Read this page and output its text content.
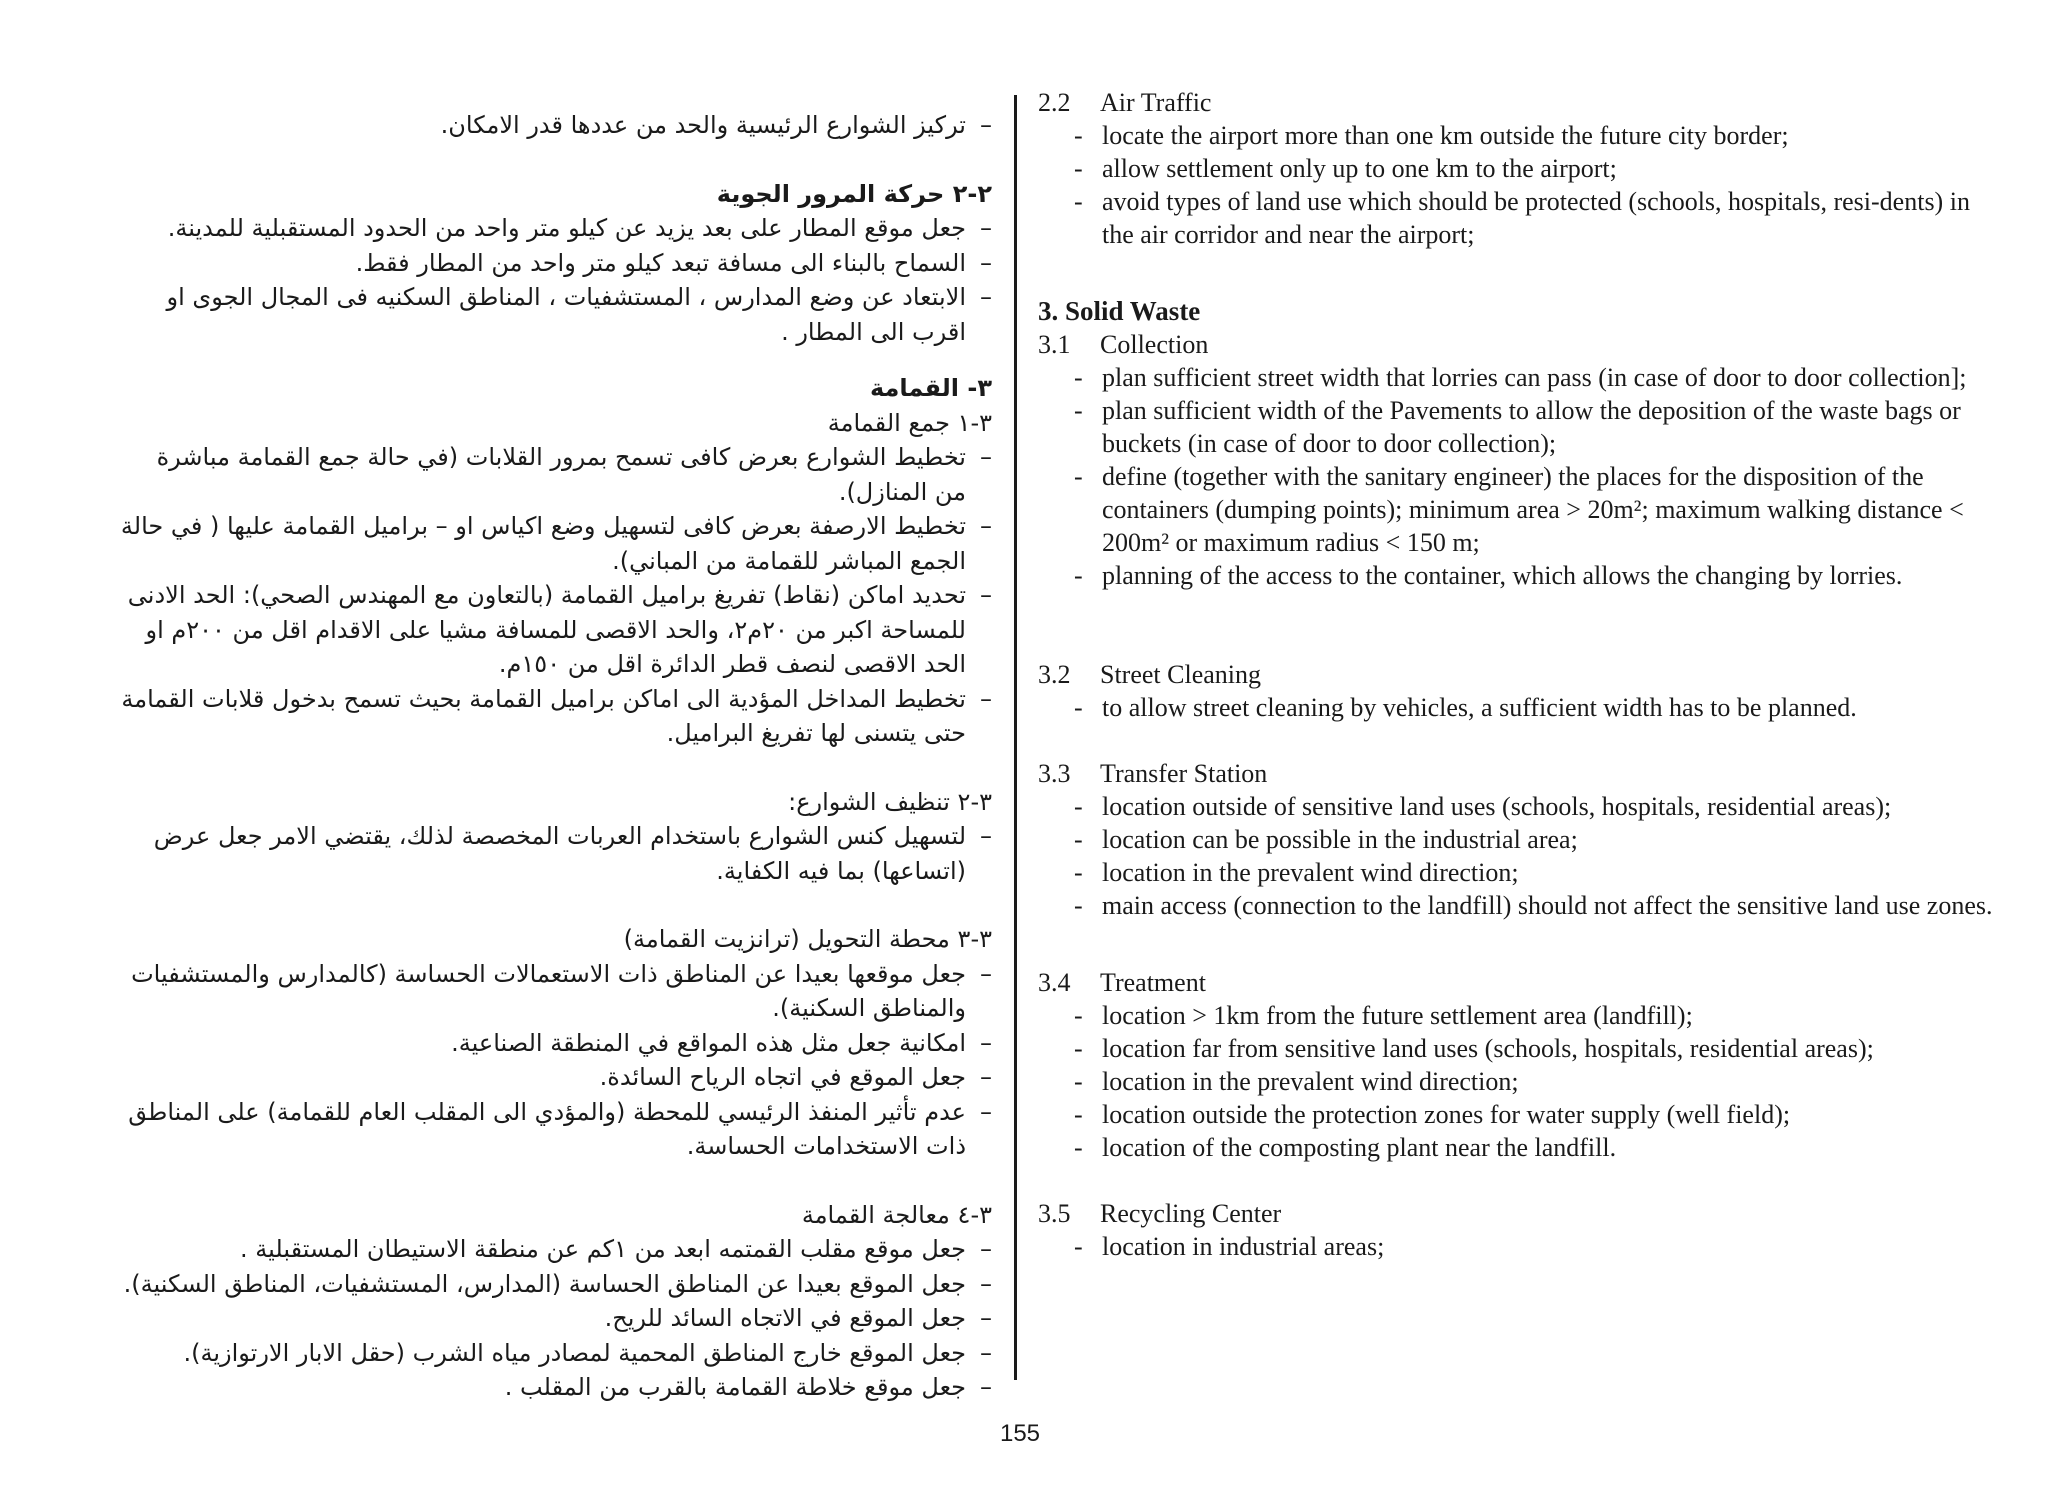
–
تركيز الشوارع الرئيسية والحد من عددها قدر الامكان.
٢-٢ حركة المرور الجوية
–
جعل موقع المطار على بعد يزيد عن كيلو متر واحد من الحدود المستقبلية للمدينة.
–
السماح بالبناء الى مسافة تبعد كيلو متر واحد من المطار فقط.
–
الابتعاد عن وضع المدارس ، المستشفيات ، المناطق السكنيه فى المجال الجوى او اقرب الى المطار .
٣- القمامة
٣-١ جمع القمامة
–
تخطيط الشوارع بعرض كافى تسمح بمرور القلابات (في حالة جمع القمامة مباشرة من المنازل).
–
تخطيط الارصفة بعرض كافى لتسهيل وضع اكياس او – براميل القمامة عليها ( في حالة الجمع المباشر للقمامة من المباني).
–
تحديد اماكن (نقاط) تفريغ براميل القمامة (بالتعاون مع المهندس الصحي): الحد الادنى للمساحة اكبر من ٢٠م٢، والحد الاقصى للمسافة مشيا على الاقدام اقل من ٢٠٠م او الحد الاقصى لنصف قطر الدائرة اقل من ١٥٠م.
–
تخطيط المداخل المؤدية الى اماكن براميل القمامة بحيث تسمح بدخول قلابات القمامة حتى يتسنى لها تفريغ البراميل.
٣-٢ تنظيف الشوارع:
–
لتسهيل كنس الشوارع باستخدام العربات المخصصة لذلك، يقتضي الامر جعل عرض (اتساعها) بما فيه الكفاية.
٣-٣ محطة التحويل (ترانزيت القمامة)
–
جعل موقعها بعيدا عن المناطق ذات الاستعمالات الحساسة (كالمدارس والمستشفيات والمناطق السكنية).
–
امكانية جعل مثل هذه المواقع في المنطقة الصناعية.
–
جعل الموقع في اتجاه الرياح السائدة.
–
عدم تأثير المنفذ الرئيسي للمحطة (والمؤدي الى المقلب العام للقمامة) على المناطق ذات الاستخدامات الحساسة.
٣-٤ معالجة القمامة
–
جعل موقع مقلب القمتمه ابعد من ١كم عن منطقة الاستيطان المستقبلية .
–
جعل الموقع بعيدا عن المناطق الحساسة (المدارس، المستشفيات، المناطق السكنية).
–
جعل الموقع في الاتجاه السائد للريح.
–
جعل الموقع خارج المناطق المحمية لمصادر مياه الشرب (حقل الابار الارتوازية).
–
جعل موقع خلاطة القمامة بالقرب من المقلب .
2.2	Air Traffic
- locate the airport more than one km outside the future city border;
- allow settlement only up to one km to the airport;
- avoid types of land use which should be protected (schools, hospitals, resi-dents) in the air corridor and near the airport;
3. Solid Waste
3.1	Collection
- plan sufficient street width that lorries can pass (in case of door to door collection];
- plan sufficient width of the Pavements to allow the deposition of the waste bags or buckets (in case of door to door collection);
- define (together with the sanitary engineer) the places for the disposition of the containers (dumping points); minimum area > 20m²; maximum walking distance < 200m² or maximum radius < 150 m;
- planning of the access to the container, which allows the changing by lorries.
3.2	Street Cleaning
- to allow street cleaning by vehicles, a sufficient width has to be planned.
3.3	Transfer Station
- location outside of sensitive land uses (schools, hospitals, residential areas);
- location can be possible in the industrial area;
- location in the prevalent wind direction;
- main access (connection to the landfill) should not affect the sensitive land use zones.
3.4	Treatment
- location > 1km from the future settlement area (landfill);
- location far from sensitive land uses (schools, hospitals, residential areas);
- location in the prevalent wind direction;
- location outside the protection zones for water supply (well field);
- location of the composting plant near the landfill.
3.5	Recycling Center
- location in industrial areas;
155
